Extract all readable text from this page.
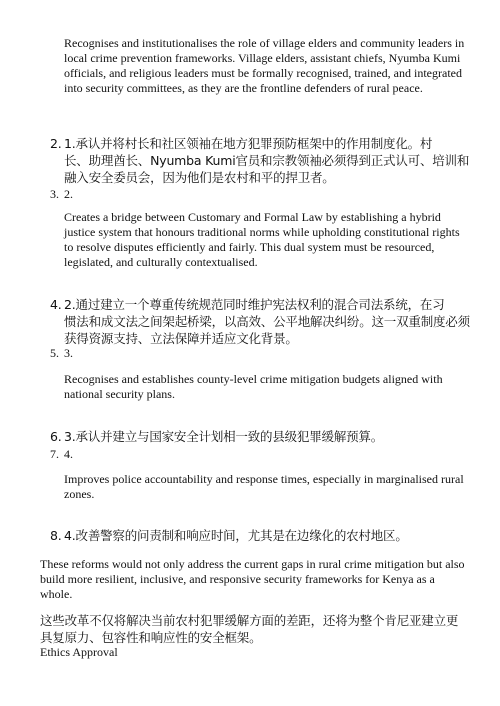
Recognises and institutionalises the role of village elders and community leaders in local crime prevention frameworks. Village elders, assistant chiefs, Nyumba Kumi officials, and religious leaders must be formally recognised, trained, and integrated into security committees, as they are the frontline defenders of rural peace.

2. 1.承认并将村长和社区领袖在地方犯罪预防框架中的作用制度化。村
长、助理酋长、Nyumba Kumi官员和宗教领袖必须得到正式认可、培训和融入安全委员会，因为他们是农村和平的捍卫者。
3. 2.

Creates a bridge between Customary and Formal Law by establishing a hybrid justice system that honours traditional norms while upholding constitutional rights to resolve disputes efficiently and fairly. This dual system must be resourced, legislated, and culturally contextualised.

4. 2.通过建立一个尊重传统规范同时维护宪法权利的混合司法系统，在习
惯法和成文法之间架起桥梁，以高效、公平地解决纠纷。这一双重制度必须获得资源支持、立法保障并适应文化背景。
5. 3.

Recognises and establishes county-level crime mitigation budgets aligned with national security plans.

6. 3.承认并建立与国家安全计划相一致的县级犯罪缓解预算。
7. 4.

Improves police accountability and response times, especially in marginalised rural zones.

8. 4.改善警察的问责制和响应时间，尤其是在边缘化的农村地区。

These reforms would not only address the current gaps in rural crime mitigation but also build more resilient, inclusive, and responsive security frameworks for Kenya as a whole.

这些改革不仅将解决当前农村犯罪缓解方面的差距，还将为整个肯尼亚建立更具复原力、包容性和响应性的安全框架。

Ethics Approval
